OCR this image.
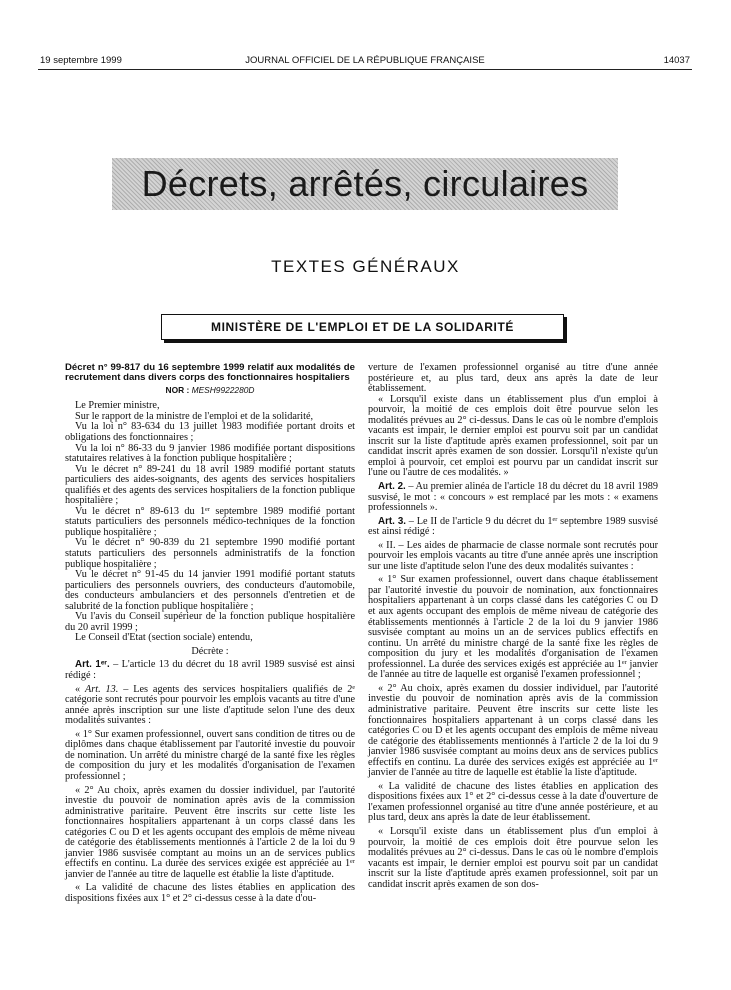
19 septembre 1999	JOURNAL OFFICIEL DE LA RÉPUBLIQUE FRANÇAISE	14037
Décrets, arrêtés, circulaires
TEXTES GÉNÉRAUX
MINISTÈRE DE L'EMPLOI ET DE LA SOLIDARITÉ

Décret n° 99-817 du 16 septembre 1999 relatif aux modalités de recrutement dans divers corps des fonctionnaires hospitaliers

NOR : MESH9922280D

Le Premier ministre,

Sur le rapport de la ministre de l'emploi et de la solidarité,

Vu la loi n° 83-634 du 13 juillet 1983 modifiée portant droits et obligations des fonctionnaires ;

Vu la loi n° 86-33 du 9 janvier 1986 modifiée portant dispositions statutaires relatives à la fonction publique hospitalière ;

Vu le décret n° 89-241 du 18 avril 1989 modifié portant statuts particuliers des aides-soignants, des agents des services hospitaliers qualifiés et des agents des services hospitaliers de la fonction publique hospitalière ;

Vu le décret n° 89-613 du 1ᵉʳ septembre 1989 modifié portant statuts particuliers des personnels médico-techniques de la fonction publique hospitalière ;

Vu le décret n° 90-839 du 21 septembre 1990 modifié portant statuts particuliers des personnels administratifs de la fonction publique hospitalière ;

Vu le décret n° 91-45 du 14 janvier 1991 modifié portant statuts particuliers des personnels ouvriers, des conducteurs d'automobile, des conducteurs ambulanciers et des personnels d'entretien et de salubrité de la fonction publique hospitalière ;

Vu l'avis du Conseil supérieur de la fonction publique hospitalière du 20 avril 1999 ;

Le Conseil d'Etat (section sociale) entendu,

Décrète :

Art. 1ᵉʳ. – L'article 13 du décret du 18 avril 1989 susvisé est ainsi rédigé :

« Art. 13. – Les agents des services hospitaliers qualifiés de 2ᵉ catégorie sont recrutés pour pourvoir les emplois vacants au titre d'une année après inscription sur une liste d'aptitude selon l'une des deux modalités suivantes :

« 1° Sur examen professionnel, ouvert sans condition de titres ou de diplômes dans chaque établissement par l'autorité investie du pouvoir de nomination. Un arrêté du ministre chargé de la santé fixe les règles de composition du jury et les modalités d'organisation de l'examen professionnel ;

« 2° Au choix, après examen du dossier individuel, par l'autorité investie du pouvoir de nomination après avis de la commission administrative paritaire. Peuvent être inscrits sur cette liste les fonctionnaires hospitaliers appartenant à un corps classé dans les catégories C ou D et les agents occupant des emplois de même niveau de catégorie des établissements mentionnés à l'article 2 de la loi du 9 janvier 1986 susvisée comptant au moins un an de services publics effectifs en continu. La durée des services exigée est appréciée au 1ᵉʳ janvier de l'année au titre de laquelle est établie la liste d'aptitude.

« La validité de chacune des listes établies en application des dispositions fixées aux 1° et 2° ci-dessus cesse à la date d'ou-

verture de l'examen professionnel organisé au titre d'une année postérieure et, au plus tard, deux ans après la date de leur établissement.

« Lorsqu'il existe dans un établissement plus d'un emploi à pourvoir, la moitié de ces emplois doit être pourvue selon les modalités prévues au 2° ci-dessus. Dans le cas où le nombre d'emplois vacants est impair, le dernier emploi est pourvu soit par un candidat inscrit sur la liste d'aptitude après examen professionnel, soit par un candidat inscrit après examen de son dossier. Lorsqu'il n'existe qu'un emploi à pourvoir, cet emploi est pourvu par un candidat inscrit sur l'une ou l'autre de ces modalités. »

Art. 2. – Au premier alinéa de l'article 18 du décret du 18 avril 1989 susvisé, le mot : « concours » est remplacé par les mots : « examens professionnels ».

Art. 3. – Le II de l'article 9 du décret du 1ᵉʳ septembre 1989 susvisé est ainsi rédigé :

« II. – Les aides de pharmacie de classe normale sont recrutés pour pourvoir les emplois vacants au titre d'une année après une inscription sur une liste d'aptitude selon l'une des deux modalités suivantes :

« 1° Sur examen professionnel, ouvert dans chaque établissement par l'autorité investie du pouvoir de nomination, aux fonctionnaires hospitaliers appartenant à un corps classé dans les catégories C ou D et aux agents occupant des emplois de même niveau de catégorie des établissements mentionnés à l'article 2 de la loi du 9 janvier 1986 susvisée comptant au moins un an de services publics effectifs en continu. Un arrêté du ministre chargé de la santé fixe les règles de composition du jury et les modalités d'organisation de l'examen professionnel. La durée des services exigés est appréciée au 1ᵉʳ janvier de l'année au titre de laquelle est organisé l'examen professionnel ;

« 2° Au choix, après examen du dossier individuel, par l'autorité investie du pouvoir de nomination après avis de la commission administrative paritaire. Peuvent être inscrits sur cette liste les fonctionnaires hospitaliers appartenant à un corps classé dans les catégories C ou D et les agents occupant des emplois de même niveau de catégorie des établissements mentionnés à l'article 2 de la loi du 9 janvier 1986 susvisée comptant au moins deux ans de services publics effectifs en continu. La durée des services exigés est appréciée au 1ᵉʳ janvier de l'année au titre de laquelle est établie la liste d'aptitude.

« La validité de chacune des listes établies en application des dispositions fixées aux 1° et 2° ci-dessus cesse à la date d'ouverture de l'examen professionnel organisé au titre d'une année postérieure, et au plus tard, deux ans après la date de leur établissement.

« Lorsqu'il existe dans un établissement plus d'un emploi à pourvoir, la moitié de ces emplois doit être pourvue selon les modalités prévues au 2° ci-dessus. Dans le cas où le nombre d'emplois vacants est impair, le dernier emploi est pourvu soit par un candidat inscrit sur la liste d'aptitude après examen professionnel, soit par un candidat inscrit après examen de son dos-
